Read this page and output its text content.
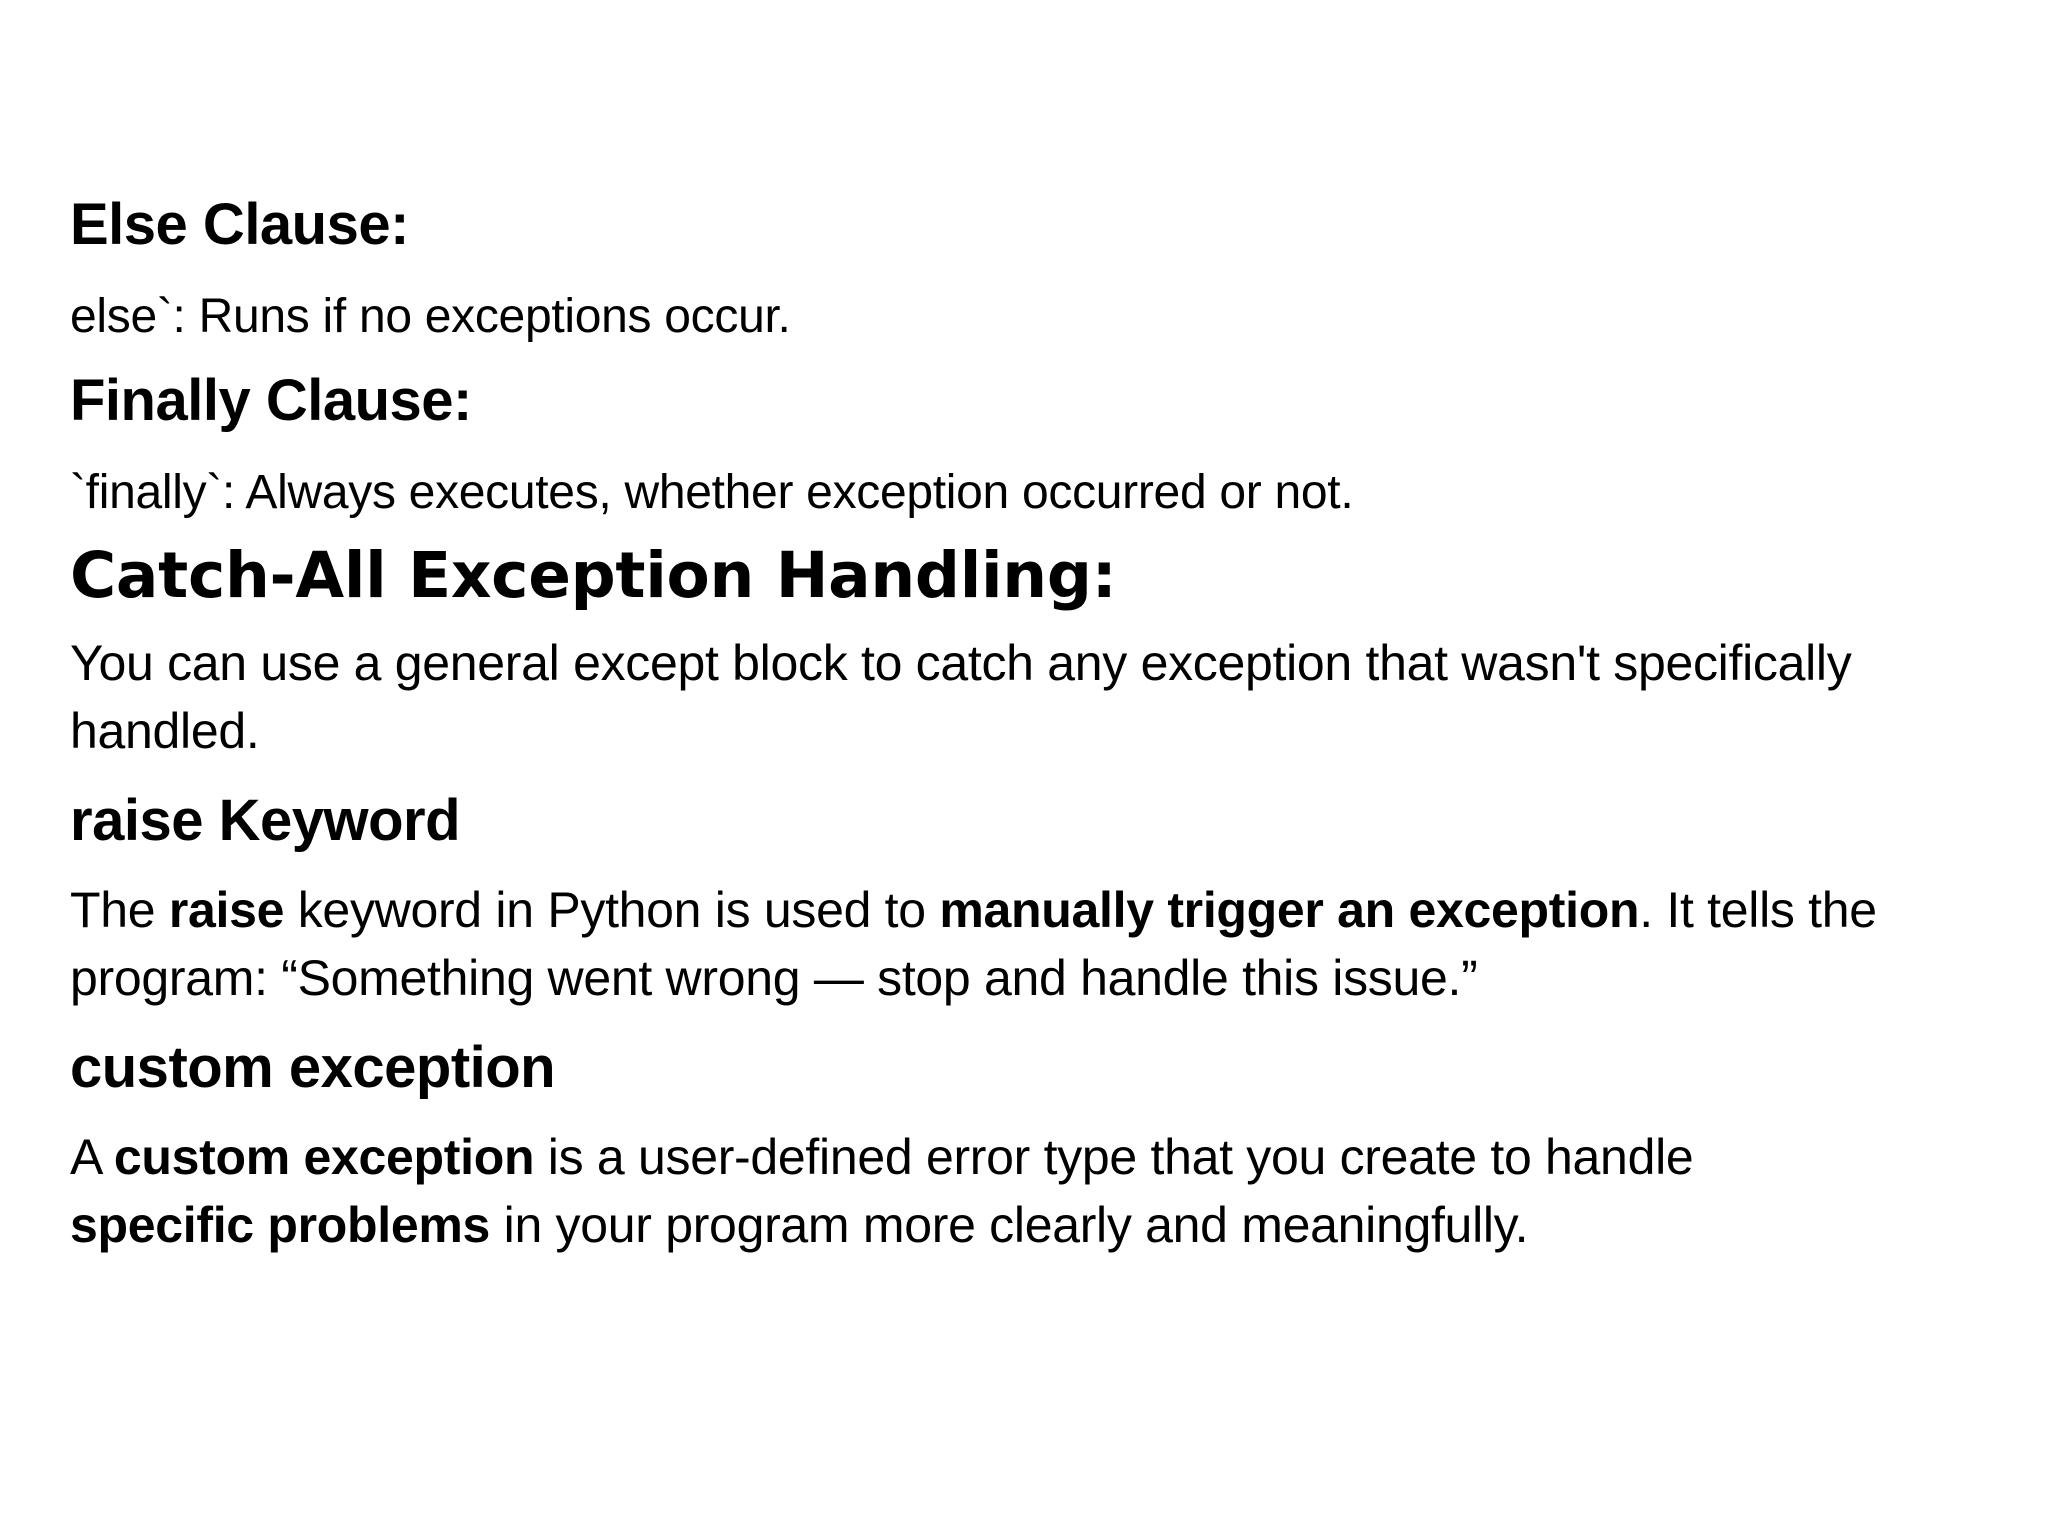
Else Clause:

else`: Runs if no exceptions occur.

Finally Clause:

`finally`: Always executes, whether exception occurred or not.

Catch-All Exception Handling:

You can use a general except block to catch any exception that wasn't specifically handled.

raise Keyword

The raise keyword in Python is used to manually trigger an exception. It tells the program: “Something went wrong — stop and handle this issue.”

custom exception

A custom exception is a user-defined error type that you create to handle specific problems in your program more clearly and meaningfully.
